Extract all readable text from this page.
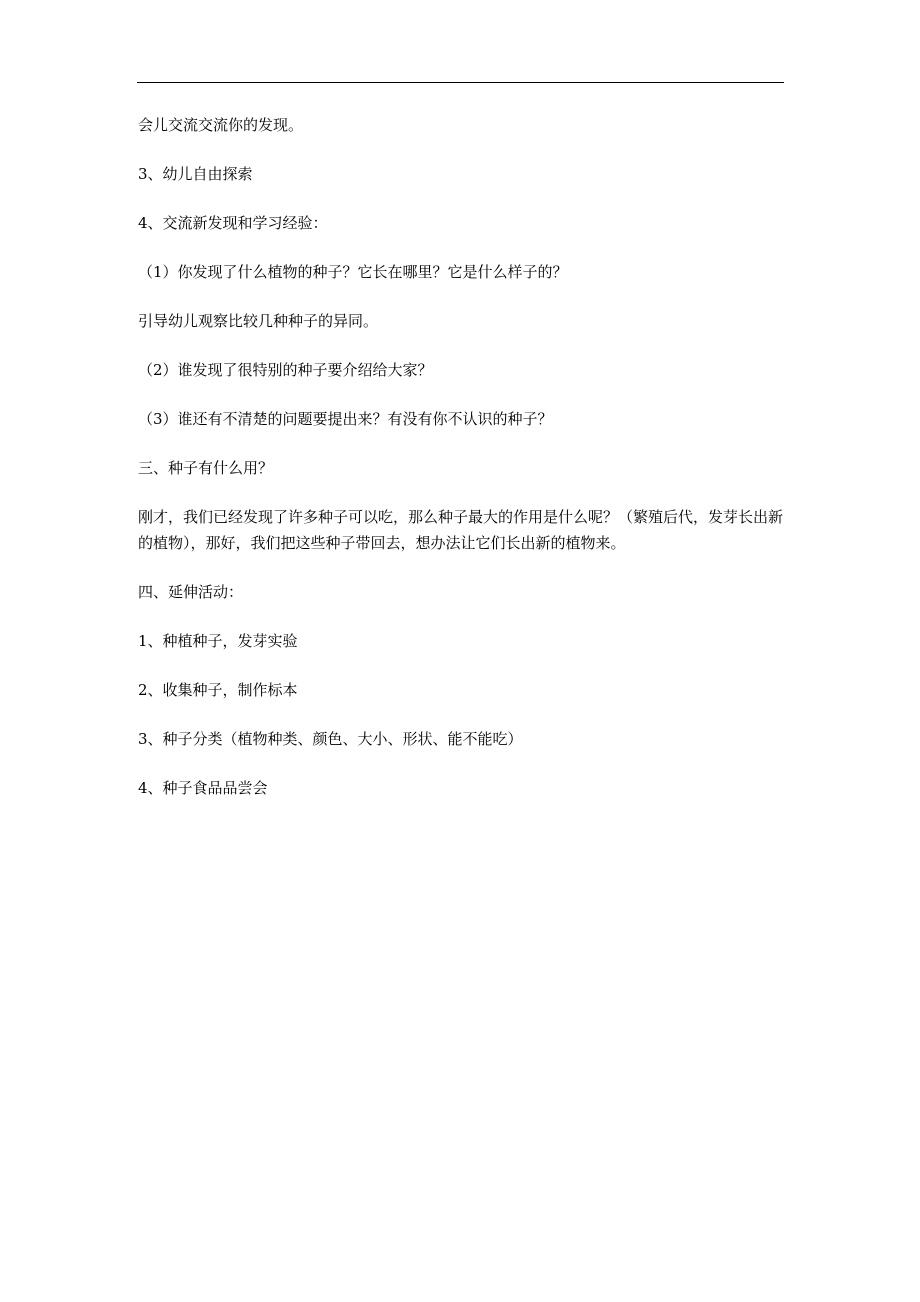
会儿交流交流你的发现。

3、幼儿自由探索

4、交流新发现和学习经验：

（1）你发现了什么植物的种子？它长在哪里？它是什么样子的？

引导幼儿观察比较几种种子的异同。

（2）谁发现了很特别的种子要介绍给大家？

（3）谁还有不清楚的问题要提出来？有没有你不认识的种子？

三、种子有什么用？

刚才，我们已经发现了许多种子可以吃，那么种子最大的作用是什么呢？（繁殖后代，发芽长出新的植物），那好，我们把这些种子带回去，想办法让它们长出新的植物来。

四、延伸活动：

1、种植种子，发芽实验

2、收集种子，制作标本

3、种子分类（植物种类、颜色、大小、形状、能不能吃）

4、种子食品品尝会
